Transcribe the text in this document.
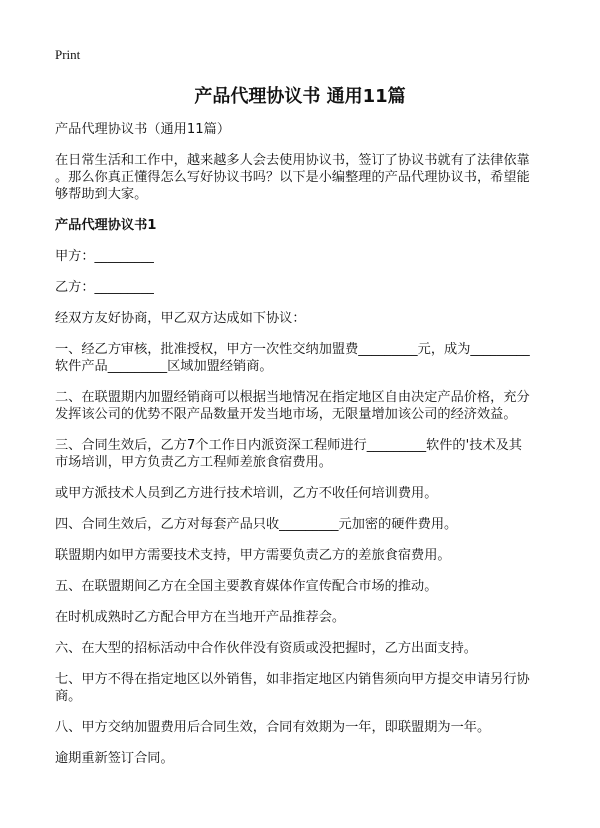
Print
产品代理协议书 通用11篇

产品代理协议书（通用11篇）

在日常生活和工作中，越来越多人会去使用协议书，签订了协议书就有了法律依靠
。那么你真正懂得怎么写好协议书吗？以下是小编整理的产品代理协议书，希望能
够帮助到大家。

产品代理协议书1

甲方：_________

乙方：_________

经双方友好协商，甲乙双方达成如下协议：

一、经乙方审核，批准授权，甲方一次性交纳加盟费_________元，成为_________
软件产品_________区域加盟经销商。

二、在联盟期内加盟经销商可以根据当地情况在指定地区自由决定产品价格，充分
发挥该公司的优势不限产品数量开发当地市场，无限量增加该公司的经济效益。

三、合同生效后，乙方7个工作日内派资深工程师进行_________软件的'技术及其
市场培训，甲方负责乙方工程师差旅食宿费用。

或甲方派技术人员到乙方进行技术培训，乙方不收任何培训费用。

四、合同生效后，乙方对每套产品只收_________元加密的硬件费用。

联盟期内如甲方需要技术支持，甲方需要负责乙方的差旅食宿费用。

五、在联盟期间乙方在全国主要教育媒体作宣传配合市场的推动。

在时机成熟时乙方配合甲方在当地开产品推荐会。

六、在大型的招标活动中合作伙伴没有资质或没把握时，乙方出面支持。

七、甲方不得在指定地区以外销售，如非指定地区内销售须向甲方提交申请另行协
商。

八、甲方交纳加盟费用后合同生效，合同有效期为一年，即联盟期为一年。

逾期重新签订合同。
